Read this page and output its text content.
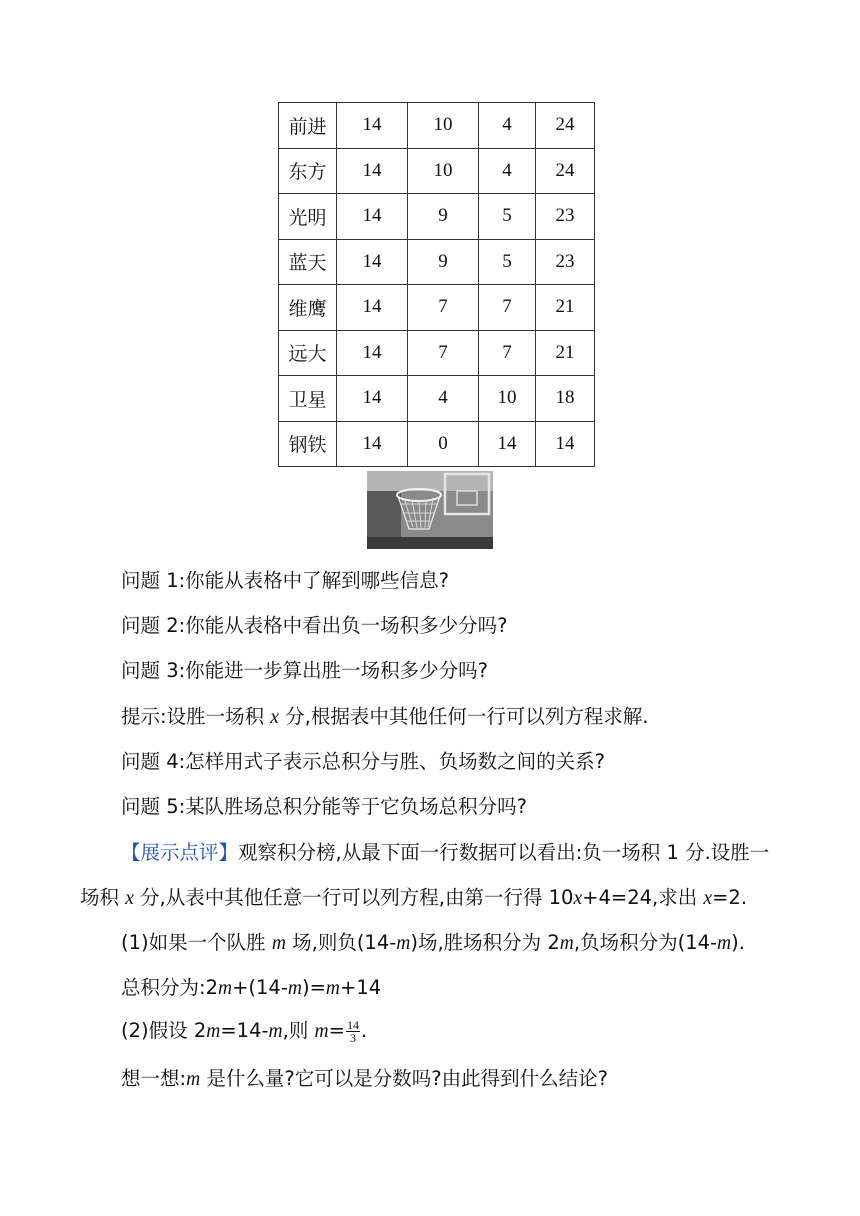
前进	14	10	4	24
东方	14	10	4	24
光明	14	9	5	23
蓝天	14	9	5	23
维鹰	14	7	7	21
远大	14	7	7	21
卫星	14	4	10	18
钢铁	14	0	14	14
问题 1:你能从表格中了解到哪些信息?
问题 2:你能从表格中看出负一场积多少分吗?
问题 3:你能进一步算出胜一场积多少分吗?
提示:设胜一场积 x 分,根据表中其他任何一行可以列方程求解.
问题 4:怎样用式子表示总积分与胜、负场数之间的关系?
问题 5:某队胜场总积分能等于它负场总积分吗?
【展示点评】观察积分榜,从最下面一行数据可以看出:负一场积 1 分.设胜一
场积 x 分,从表中其他任意一行可以列方程,由第一行得 10x+4=24,求出 x=2.
(1)如果一个队胜 m 场,则负(14-m)场,胜场积分为 2m,负场积分为(14-m).
总积分为:2m+(14-m)=m+14
(2)假设 2m=14-m,则 $m= \frac{14}{3}$ .
想一想:m 是什么量?它可以是分数吗?由此得到什么结论?
